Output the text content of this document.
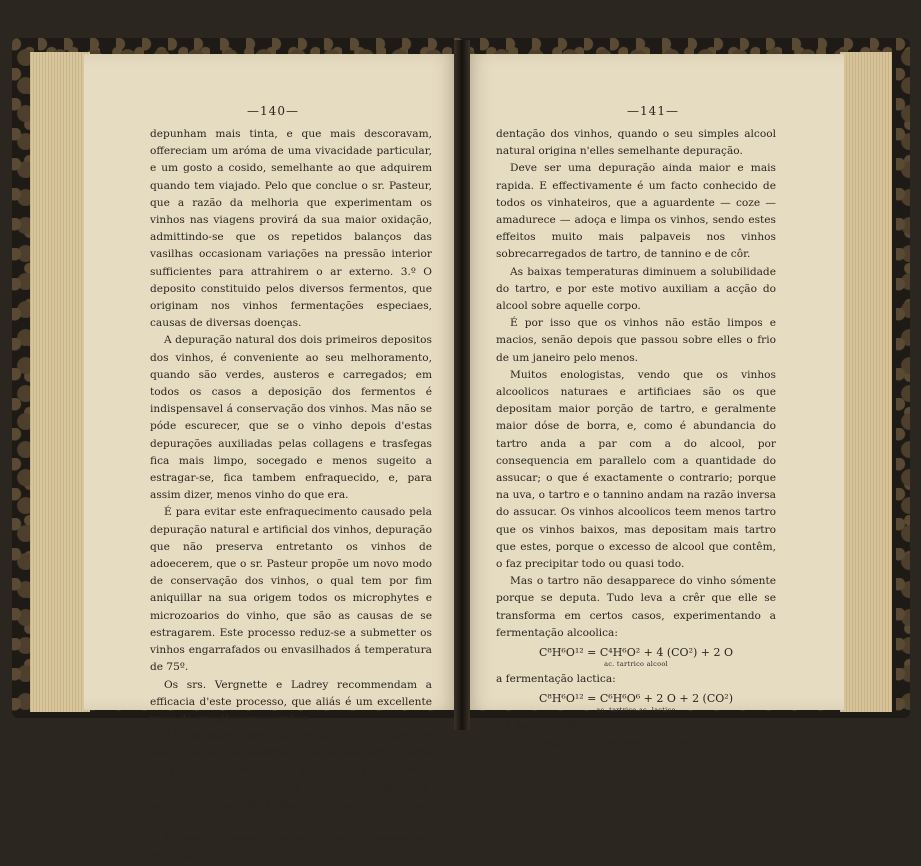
—140—

depunham mais tinta, e que mais descoravam, offereciam um aróma de uma vivacidade particular, e um gosto a cosido, semelhante ao que adquirem quando tem viajado. Pelo que conclue o sr. Pasteur, que a razão da melhoria que experimentam os vinhos nas viagens provirá da sua maior oxidação, admittindo-se que os repetidos balanços das vasilhas occasionam variações na pressão interior sufficientes para attrahirem o ar externo. 3.º O deposito constituido pelos diversos fermentos, que originam nos vinhos fermentações especiaes, causas de diversas doenças.

A depuração natural dos dois primeiros depositos dos vinhos, é conveniente ao seu melhoramento, quando são verdes, austeros e carregados; em todos os casos a deposição dos fermentos é indispensavel á conservação dos vinhos. Mas não se póde escurecer, que se o vinho depois d'estas depurações auxiliadas pelas collagens e trasfegas fica mais limpo, socegado e menos sugeito a estragar-se, fica tambem enfraquecido, e, para assim dizer, menos vinho do que era.

É para evitar este enfraquecimento causado pela depuração natural e artificial dos vinhos, depuração que não preserva entretanto os vinhos de adoecerem, que o sr. Pasteur propõe um novo modo de conservação dos vinhos, o qual tem por fim aniquillar na sua origem todos os microphytes e microzoarios do vinho, que são as causas de se estragarem. Este processo reduz-se a submetter os vinhos engarrafados ou envasilhados á temperatura de 75º.

Os srs. Vergnette e Ladrey recommendam a efficacia d'este processo, que aliás é um excellente meio de envelhecer os vinhos.

2.º Amadurecimento do vinho. — Tal é a serie de precipitações encadeadas, que se operam durante os primeiros tempos nos principios solidos mais importantes dos vinhos; e todas ellas derivadas, principalmente, da acção precipitante do alcool sobre o tartro.

Póde-se já prever qual será o effeito immediato da aguar-

—141—

dentação dos vinhos, quando o seu simples alcool natural origina n'elles semelhante depuração.

Deve ser uma depuração ainda maior e mais rapida. E effectivamente é um facto conhecido de todos os vinhateiros, que a aguardente — coze — amadurece — adoça e limpa os vinhos, sendo estes effeitos muito mais palpaveis nos vinhos sobrecarregados de tartro, de tannino e de côr.

As baixas temperaturas diminuem a solubilidade do tartro, e por este motivo auxiliam a acção do alcool sobre aquelle corpo.

É por isso que os vinhos não estão limpos e macios, senão depois que passou sobre elles o frio de um janeiro pelo menos.

Muitos enologistas, vendo que os vinhos alcoolicos naturaes e artificiaes são os que depositam maior porção de tartro, e geralmente maior dóse de borra, e, como é abundancia do tartro anda a par com a do alcool, por consequencia em parallelo com a quantidade do assucar; o que é exactamente o contrario; porque na uva, o tartro e o tannino andam na razão inversa do assucar. Os vinhos alcoolicos teem menos tartro que os vinhos baixos, mas depositam mais tartro que estes, porque o excesso de alcool que contêm, o faz precipitar todo ou quasi todo.

Mas o tartro não desapparece do vinho sómente porque se deputa. Tudo leva a crêr que elle se transforma em certos casos, experimentando a fermentação alcoolica:

C⁸H⁶O¹² = C⁴H⁶O² + 4 (CO²) + 2 O
ac. tartrico alcool

a fermentação lactica:

C⁸H⁶O¹² = C⁶H⁶O⁶ + 2 O + 2 (CO²)
ac. tartrico ac. lactico

e a fermentação propionica:

C⁸H⁶O¹² = C⁶H⁶O⁴ + 2 (CO²) + 4 O
ac. tartrico ac. propionico
